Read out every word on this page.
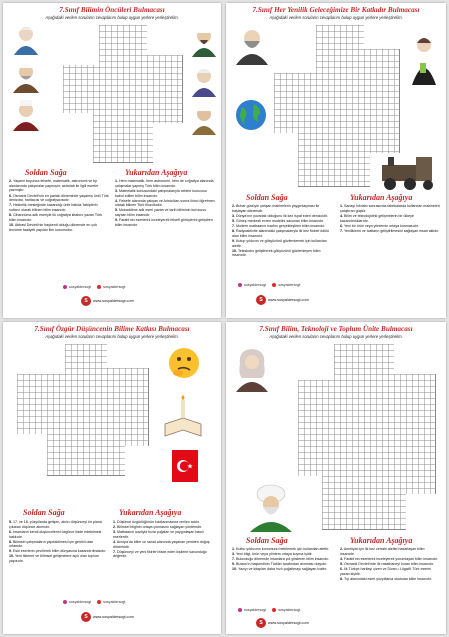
7.Sınıf Bilimin Öncüleri Bulmacası
Aşağıdaki verilen soruların cevaplarını bulup uygun yerlere yerleştirelim.
Soldan Sağa	Yukarıdan Aşağıya
2. Yaşamı boyunca felsefe, matematik, astronomi ve tıp alanlarında çalışmalar yapmıştır; astrolab ile ilgili eserler yazmıştır.
6. Osmanlı Devleti'nin en parlak döneminde yaşamış ünlü Türk denizcisi, haritacısı ve coğrafyacısıdır.
7. Hekimlik mesleğinde kazandığı ünle batıda 'tabiplerin sultanı' olarak bilinen bilim insanıdır.
8. Cihannüma adlı eseriyle ilk coğrafya kitabını yazan Türk bilim insanıdır.
10. Abbasi Devleti'nin başkenti olduğu dönemde en çok tercüme faaliyeti yapılan ilim kurumudur.
1. Hem matematik, hem astronomi, hem de coğrafya alanında çalışmalar yapmış Türk bilim insanıdır.
3. Matematik konusundaki çalışmalarıyla cebirin kurucusu kabul edilen bilim insanıdır.
4. Felsefe alanında çalışan ve Aristo'dan sonra ikinci öğretmen olarak bilinen Türk filozofudur.
5. Mukaddime adlı eseri yazan ve tarih biliminin kurucusu sayılan bilim insanıdır.
9. Farabi'nin eserlerini inceleyerek felsefi görüşlerini geliştiren bilim insanıdır.
sosyaldersogt	sosyaldersogt
S	www.sosyaldersogt.com
7.Sınıf Her Yenilik Geleceğimize Bir Katkıdır Bulmacası
Aşağıdaki verilen soruların cevaplarını bulup uygun yerlere yerleştirelim.
Soldan Sağa	Yukarıdan Aşağıya
2. Buhar gücüyle çalışan makinelerin yaygınlaşması ile başlayan dönemdir.
3. Dünya'nın yuvarlak olduğunu ilk kez ispat eden denizcidir.
5. Güneş merkezli evren modelini savunan bilim insanıdır.
7. Modern matbaanın icadını gerçekleştiren bilim insanıdır.
8. Radyoaktivite alanındaki çalışmalarıyla iki kez Nobel ödülü alan bilim insanıdır.
9. Kutup yıldızını ve gökyüzünü gözlemlemek için kullanılan alettir.
10. Teleskobu geliştirerek gökyüzünü gözlemleyen bilim insanıdır.
1. Sanayi İnkılabı sonrasında fabrikalarda kullanılan makineleri çalıştıran güçtür.
4. Bilim ve teknolojideki gelişmelerin bir ülkeye kazandırdıklarıdır.
6. Yeni bir ürün veya yöntemin ortaya konmasıdır.
7. Yeniliklerin ve icatların geliştirilmesini sağlayan insan aklıdır.
sosyaldersogt	sosyaldersogt
S	www.sosyaldersogt.com
7.Sınıf Özgür Düşüncenin Bilime Katkısı Bulmacası
Aşağıdaki verilen soruların cevaplarını bulup uygun yerlere yerleştirelim.
Soldan Sağa	Yukarıdan Aşağıya
5. 17. ve 18. yüzyıllarda gelişen, akılcı düşünceyi ön plana çıkaran düşünce akımıdır.
6. İnsanların kendi düşüncelerini özgürce ifade edebilmesi hakkıdır.
8. Bilimsel çalışmaların yapılabilmesi için gerekli olan ortamdır.
9. Eski eserlerin çevrilerek bilim dünyasına kazandırılmasıdır.
10. Yeni fikirlere ve bilimsel gelişmelere açık olan toplum yapısıdır.
1. Düşünce özgürlüğünün kısıtlanmasına verilen addır.
2. Bilimsel bilginin ortaya çıkmasını sağlayan yöntemdir.
3. Matbaanın icadıyla hızla çoğalan ve yaygınlaşan basılı eserlerdir.
4. Avrupa'da bilim ve sanat alanında yaşanan yeniden doğuş dönemidir.
7. Düşünceyi ve yeni fikirleri ifade eden kişilerin savunduğu değerdir.
sosyaldersogt	sosyaldersogt
S	www.sosyaldersogt.com
7.Sınıf Bilim, Teknoloji ve Toplum Ünite Bulmacası
Aşağıdaki verilen soruların cevaplarını bulup uygun yerlere yerleştirelim.
Soldan Sağa	Yukarıdan Aşağıya
1. Kutbu yıldızının konumunu belirlemek için kullanılan alettir.
3. Yeni bilgi, ürün veya yöntem ortaya koyma işidir.
7. Bulunduğu dönemde insanlara yol gösteren bilim insanıdır.
9. Bizans'ın başkentinin Türkler tarafından alınması olayıdır.
10. Yazıyı ve kitapları daha hızlı çoğaltmayı sağlayan icattır.
2. Ameliyat için ilk kez cerrahi aletleri tasarlayan bilim insanıdır.
4. Farabi'nin eserlerini inceleyerek yorumlayan bilim insanıdır.
5. Osmanlı Devleti'nde ilk rasathaneyi kuran bilim insanıdır.
6. İlk Türkçe haritayı çizen ve Divan-ı Lügati't Türk eserini yazan kişidir.
8. Tıp alanındaki eseri yüzyıllarca okutulan bilim insanıdır.
sosyaldersogt	sosyaldersogt
S	www.sosyaldersogt.com
